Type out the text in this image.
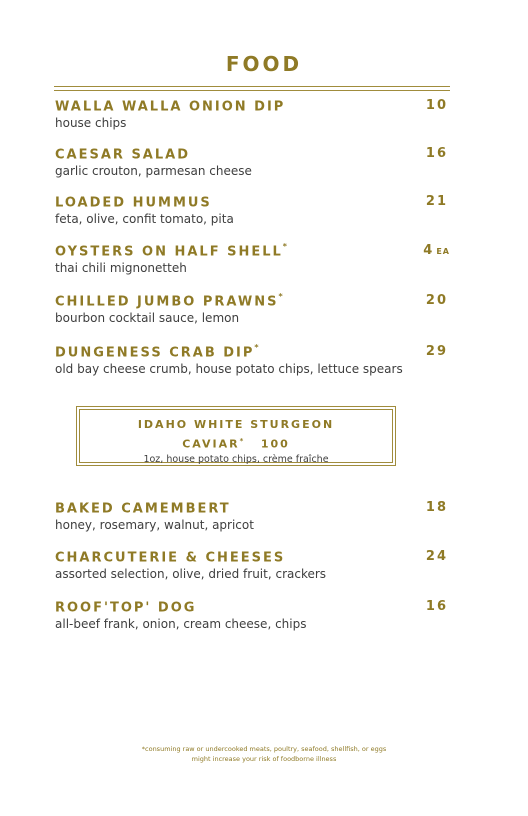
FOOD
WALLA WALLA ONION DIP	10
house chips
CAESAR SALAD	16
garlic crouton, parmesan cheese
LOADED HUMMUS	21
feta, olive, confit tomato, pita
OYSTERS ON HALF SHELL*	4 EA
thai chili mignonetteh
CHILLED JUMBO PRAWNS*	20
bourbon cocktail sauce, lemon
DUNGENESS CRAB DIP*	29
old bay cheese crumb, house potato chips, lettuce spears
IDAHO WHITE STURGEON
CAVIAR* 100
1oz, house potato chips, crème fraîche
BAKED CAMEMBERT	18
honey, rosemary, walnut, apricot
CHARCUTERIE & CHEESES	24
assorted selection, olive, dried fruit, crackers
ROOF'TOP' DOG	16
all-beef frank, onion, cream cheese, chips
*consuming raw or undercooked meats, poultry, seafood, shellfish, or eggs
might increase your risk of foodborne illness
